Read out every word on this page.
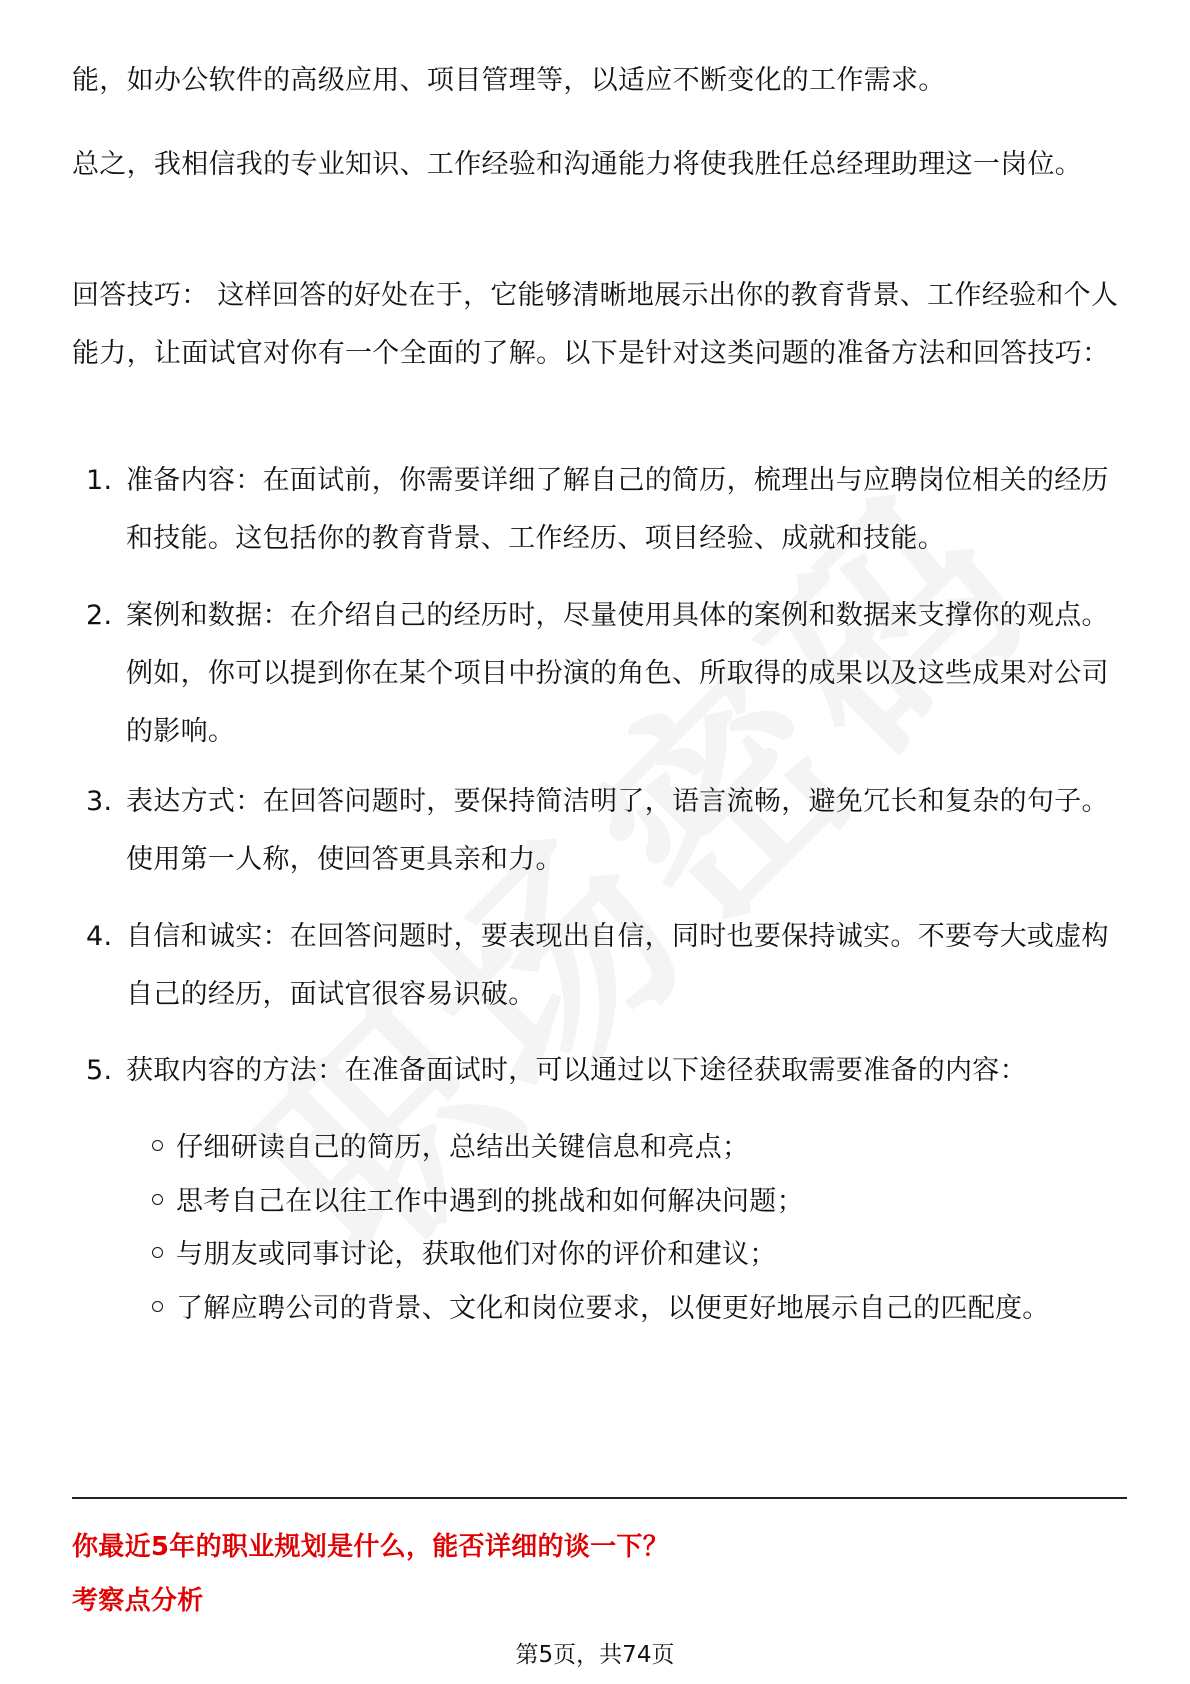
能，如办公软件的高级应用、项目管理等，以适应不断变化的工作需求。

总之，我相信我的专业知识、工作经验和沟通能力将使我胜任总经理助理这一岗位。

回答技巧： 这样回答的好处在于，它能够清晰地展示出你的教育背景、工作经验和个人能力，让面试官对你有一个全面的了解。以下是针对这类问题的准备方法和回答技巧：

1. 准备内容：在面试前，你需要详细了解自己的简历，梳理出与应聘岗位相关的经历和技能。这包括你的教育背景、工作经历、项目经验、成就和技能。
2. 案例和数据：在介绍自己的经历时，尽量使用具体的案例和数据来支撑你的观点。例如，你可以提到你在某个项目中扮演的角色、所取得的成果以及这些成果对公司的影响。
3. 表达方式：在回答问题时，要保持简洁明了，语言流畅，避免冗长和复杂的句子。使用第一人称，使回答更具亲和力。
4. 自信和诚实：在回答问题时，要表现出自信，同时也要保持诚实。不要夸大或虚构自己的经历，面试官很容易识破。
5. 获取内容的方法：在准备面试时，可以通过以下途径获取需要准备的内容：
仔细研读自己的简历，总结出关键信息和亮点；
思考自己在以往工作中遇到的挑战和如何解决问题；
与朋友或同事讨论，获取他们对你的评价和建议；
了解应聘公司的背景、文化和岗位要求，以便更好地展示自己的匹配度。
你最近5年的职业规划是什么，能否详细的谈一下？
考察点分析
第5页，共74页
